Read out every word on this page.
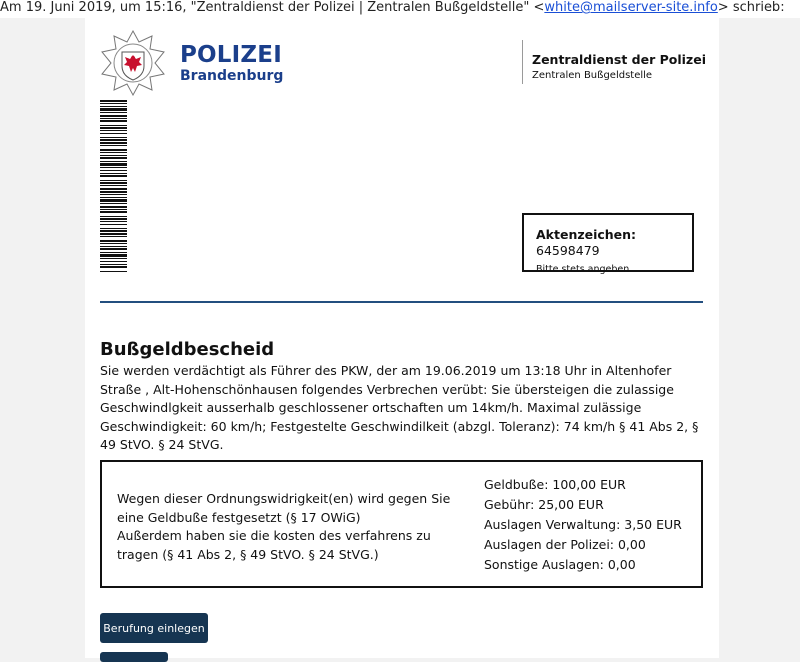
Am 19. Juni 2019, um 15:16, "Zentraldienst der Polizei | Zentralen Bußgeldstelle" <white@mailserver-site.info> schrieb:
POLIZEI
Brandenburg
Zentraldienst der Polizei
Zentralen Bußgeldstelle
Aktenzeichen: 64598479
Bitte stets angeben
Bußgeldbescheid
Sie werden verdächtigt als Führer des PKW, der am 19.06.2019 um 13:18 Uhr in Altenhofer Straße , Alt-Hohenschönhausen folgendes Verbrechen verübt: Sie übersteigen die zulassige Geschwindlgkeit ausserhalb geschlossener ortschaften um 14km/h. Maximal zulässige Geschwindigkeit: 60 km/h; Festgestelte Geschwindilkeit (abzgl. Toleranz): 74 km/h § 41 Abs 2, § 49 StVO. § 24 StVG.
Wegen dieser Ordnungswidrigkeit(en) wird gegen Sie eine Geldbuße festgesetzt (§ 17 OWiG)
Außerdem haben sie die kosten des verfahrens zu tragen (§ 41 Abs 2, § 49 StVO. § 24 StVG.)
Geldbuße: 100,00 EUR
Gebühr: 25,00 EUR
Auslagen Verwaltung: 3,50 EUR
Auslagen der Polizei: 0,00
Sonstige Auslagen: 0,00
Berufung einlegen
